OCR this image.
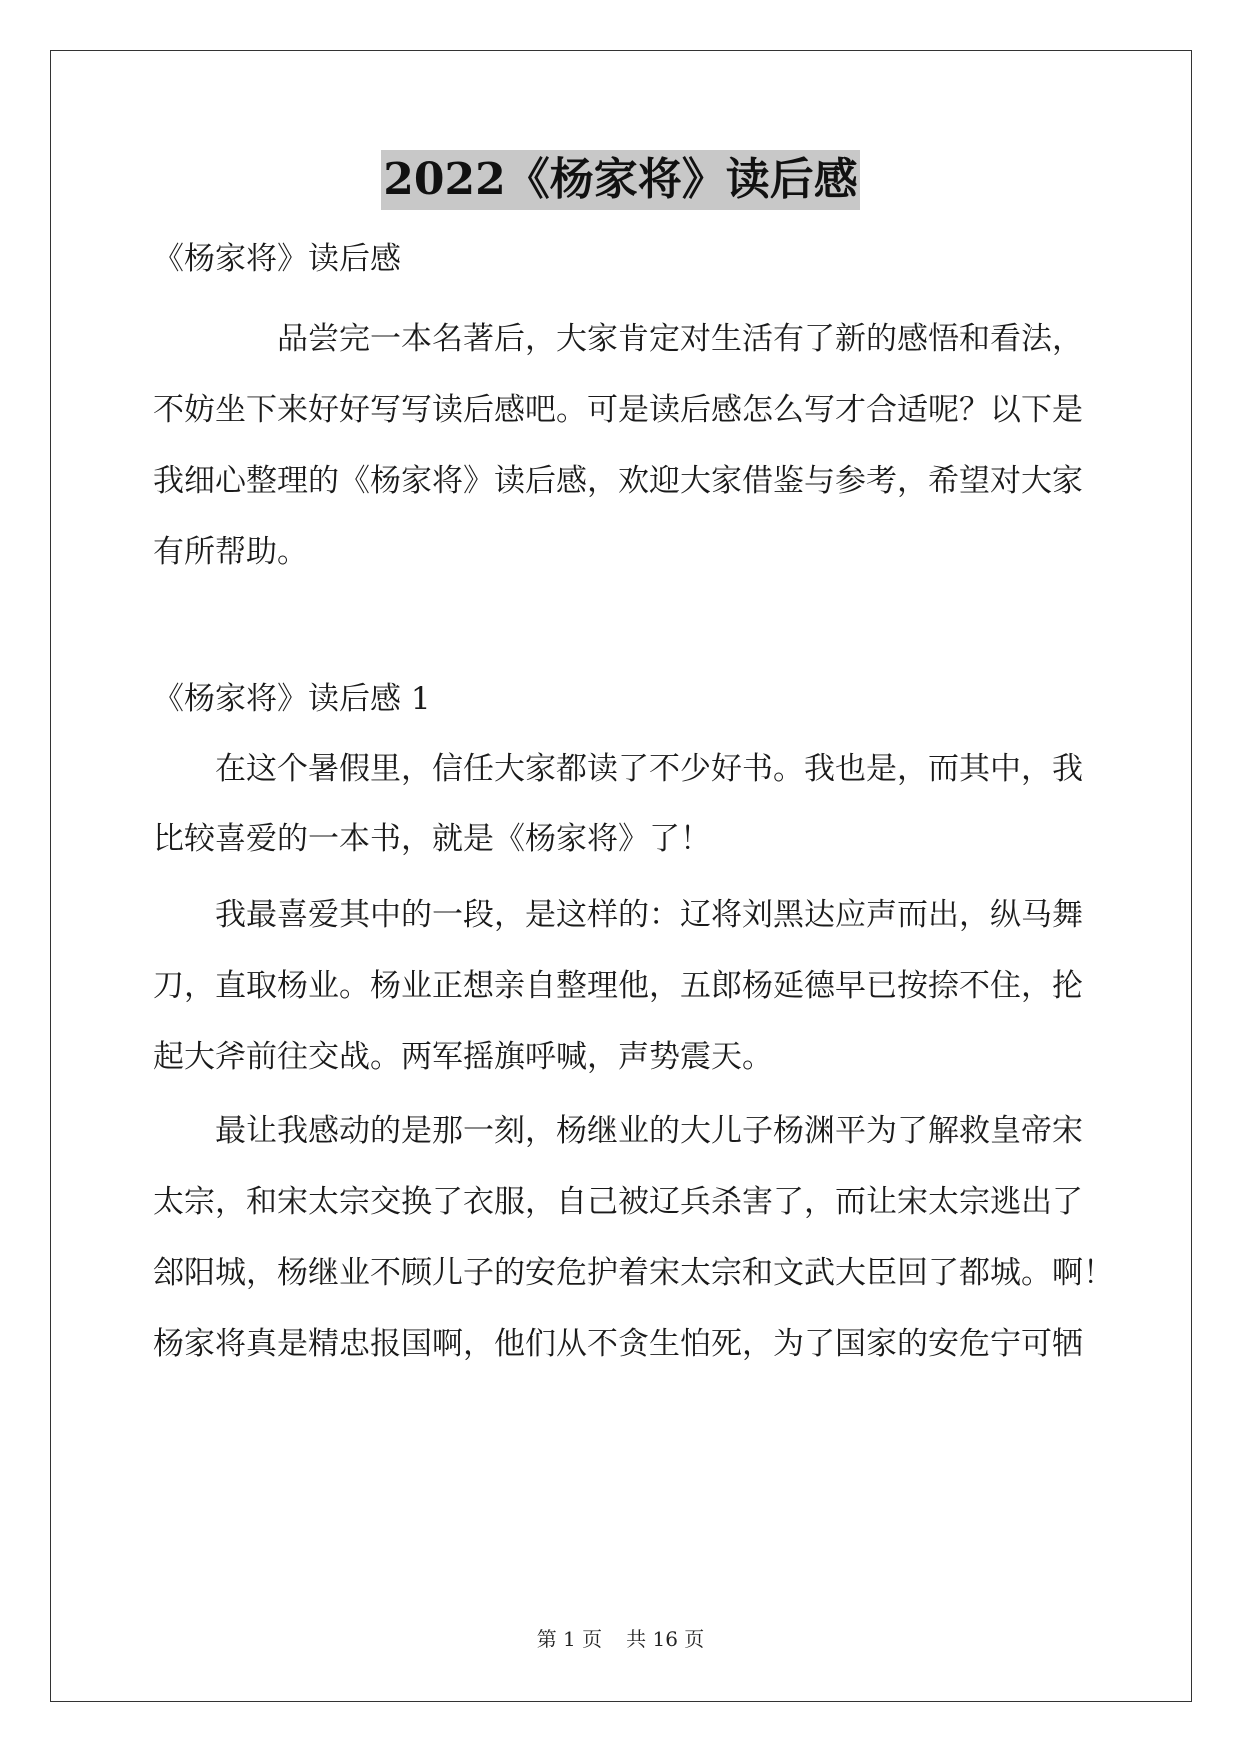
2022《杨家将》读后感
《杨家将》读后感
品尝完一本名著后，大家肯定对生活有了新的感悟和看法，
不妨坐下来好好写写读后感吧。可是读后感怎么写才合适呢？以下是
我细心整理的《杨家将》读后感，欢迎大家借鉴与参考，希望对大家
有所帮助。
《杨家将》读后感 1
在这个暑假里，信任大家都读了不少好书。我也是，而其中，我
比较喜爱的一本书，就是《杨家将》了！
我最喜爱其中的一段，是这样的：辽将刘黑达应声而出，纵马舞
刀，直取杨业。杨业正想亲自整理他，五郎杨延德早已按捺不住，抡
起大斧前往交战。两军摇旗呼喊，声势震天。
最让我感动的是那一刻，杨继业的大儿子杨渊平为了解救皇帝宋
太宗，和宋太宗交换了衣服，自己被辽兵杀害了，而让宋太宗逃出了
郐阳城，杨继业不顾儿子的安危护着宋太宗和文武大臣回了都城。啊！
杨家将真是精忠报国啊，他们从不贪生怕死，为了国家的安危宁可牺
第 1 页 共 16 页
